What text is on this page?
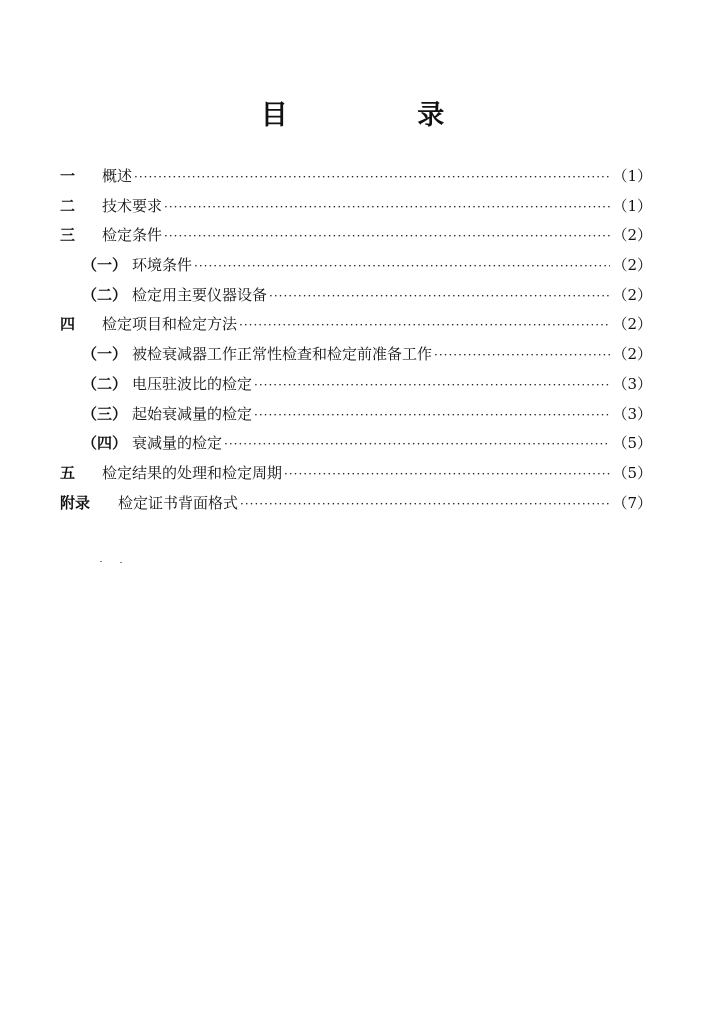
目 录
一	概述 ·····	（1）
二	技术要求 ·····	（1）
三	检定条件 ·····	（2）
（一） 环境条件 ·····	（2）
（二） 检定用主要仪器设备 ·····	（2）
四	检定项目和检定方法 ·····	（2）
（一） 被检衰减器工作正常性检查和检定前准备工作 ·····	（2）
（二） 电压驻波比的检定 ·····	（3）
（三） 起始衰减量的检定 ·····	（3）
（四） 衰减量的检定 ·····	（5）
五	检定结果的处理和检定周期 ·····	（5）
附录	检定证书背面格式 ·····	（7）
